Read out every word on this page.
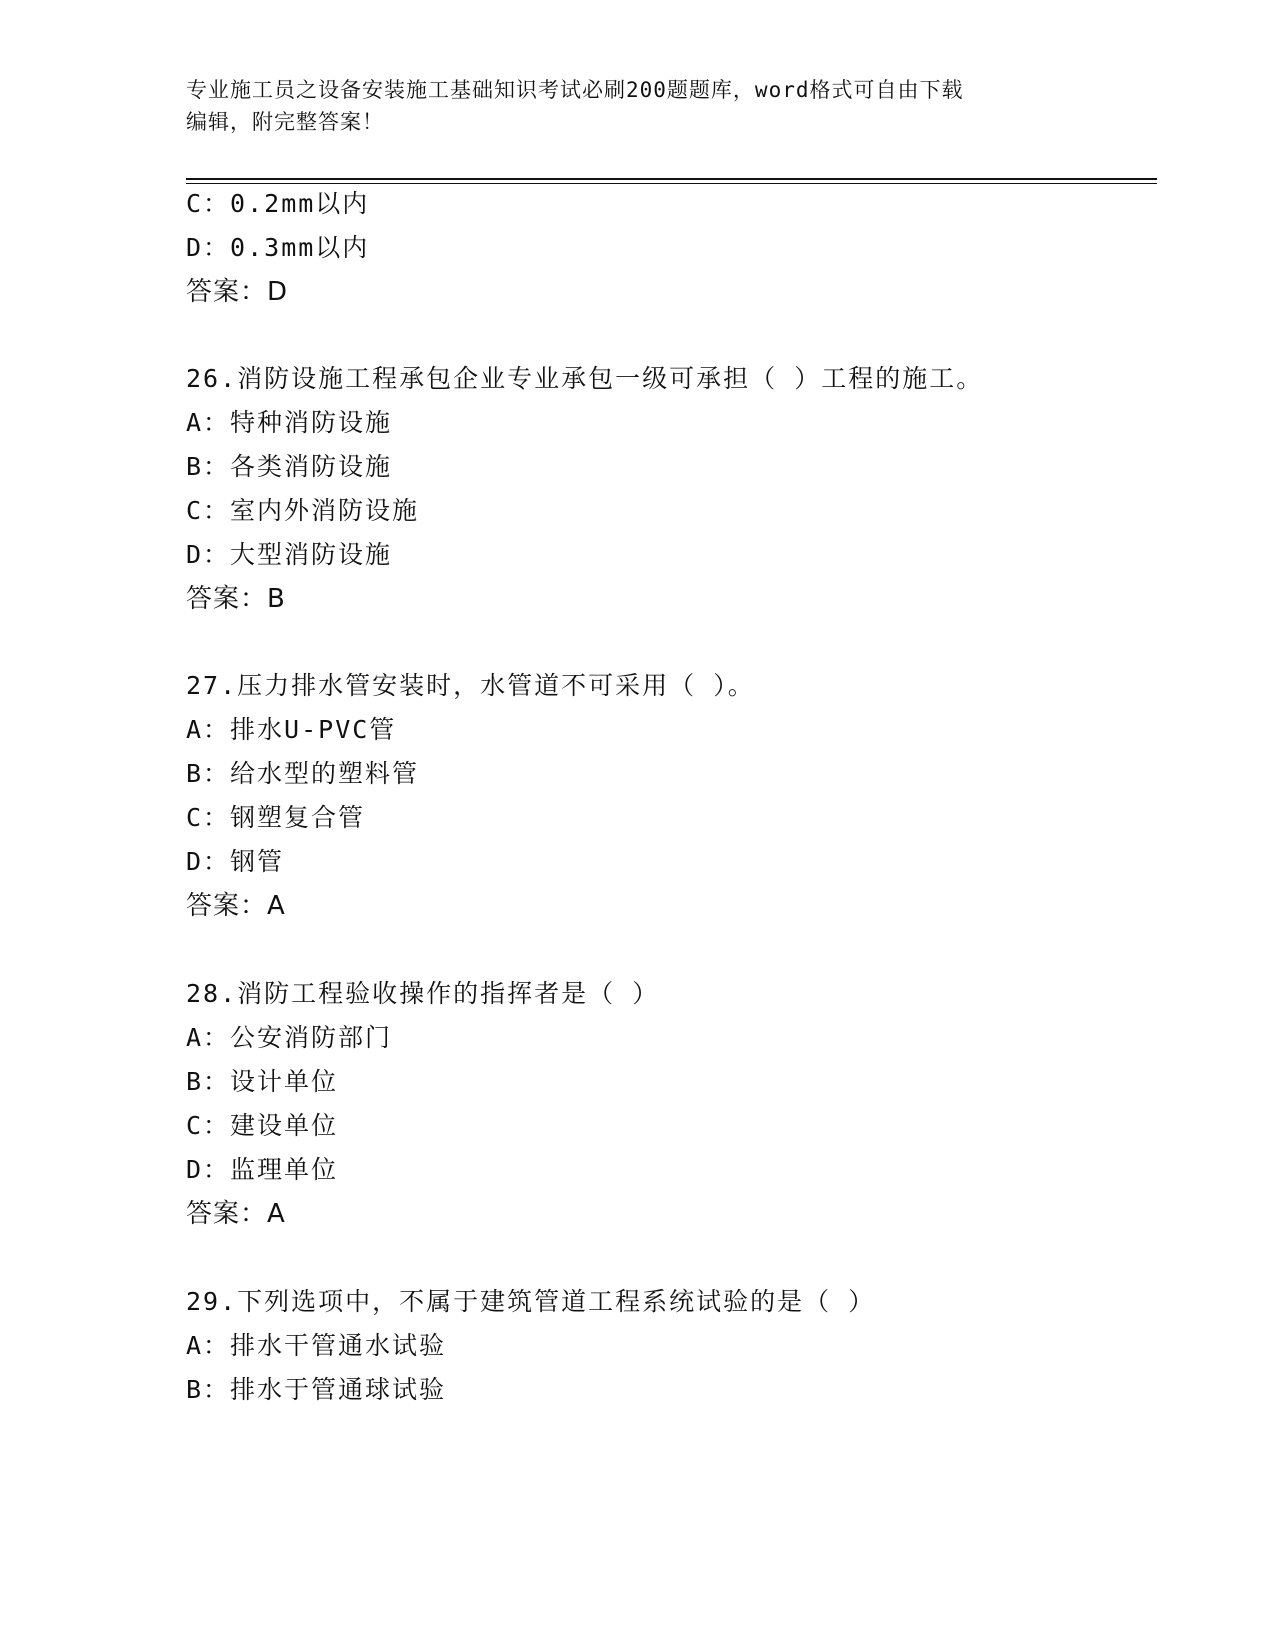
专业施工员之设备安装施工基础知识考试必刷200题题库，word格式可自由下载
编辑，附完整答案！
C：0.2mm以内
D：0.3mm以内
答案：D
26.消防设施工程承包企业专业承包一级可承担（ ）工程的施工。
A：特种消防设施
B：各类消防设施
C：室内外消防设施
D：大型消防设施
答案：B
27.压力排水管安装时，水管道不可采用（ ）。
A：排水U-PVC管
B：给水型的塑料管
C：钢塑复合管
D：钢管
答案：A
28.消防工程验收操作的指挥者是（ ）
A：公安消防部门
B：设计单位
C：建设单位
D：监理单位
答案：A
29.下列选项中，不属于建筑管道工程系统试验的是（ ）
A：排水干管通水试验
B：排水于管通球试验
